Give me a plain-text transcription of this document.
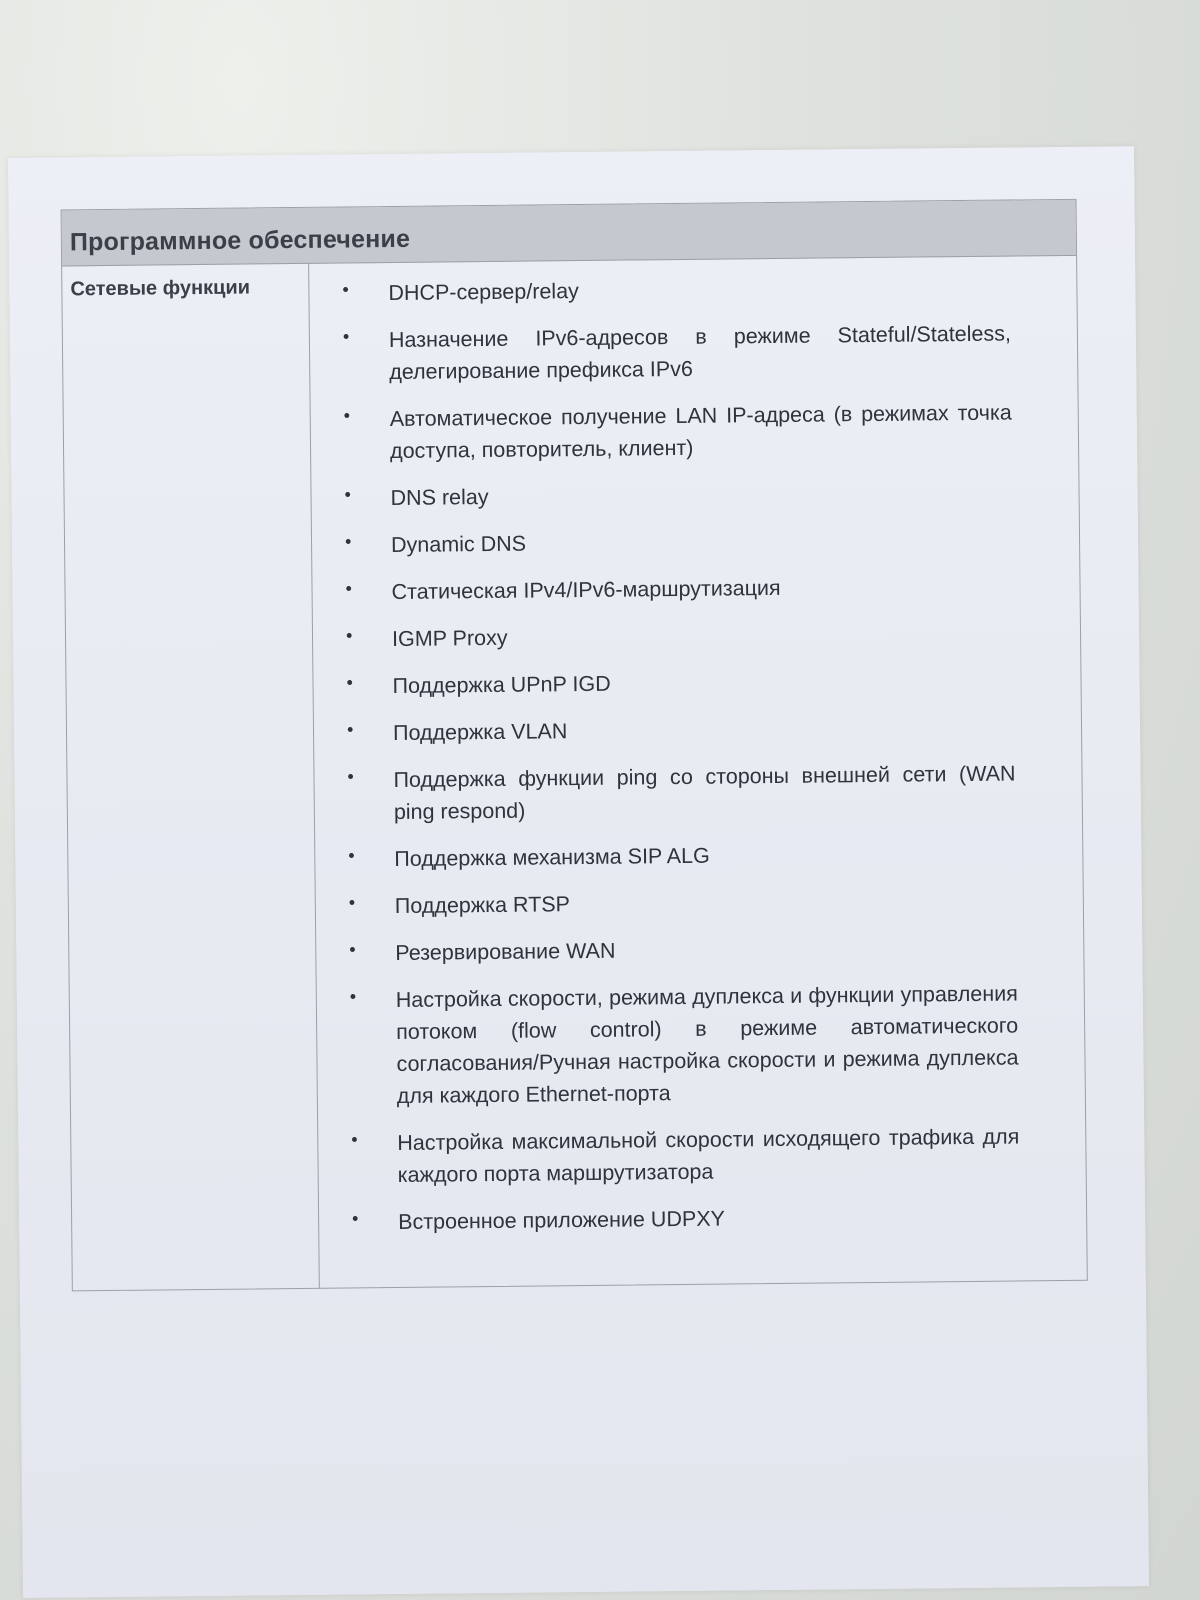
Программное обеспечение
Сетевые функции	• DHCP-сервер/relay
• Назначение IPv6-адресов в режиме Stateful/Stateless, делегирование префикса IPv6
• Автоматическое получение LAN IP-адреса (в режимах точка доступа, повторитель, клиент)
• DNS relay
• Dynamic DNS
• Статическая IPv4/IPv6-маршрутизация
• IGMP Proxy
• Поддержка UPnP IGD
• Поддержка VLAN
• Поддержка функции ping со стороны внешней сети (WAN ping respond)
• Поддержка механизма SIP ALG
• Поддержка RTSP
• Резервирование WAN
• Настройка скорости, режима дуплекса и функции управления потоком (flow control) в режиме автоматического согласования/Ручная настройка скорости и режима дуплекса для каждого Ethernet-порта
• Настройка максимальной скорости исходящего трафика для каждого порта маршрутизатора
• Встроенное приложение UDPXY
